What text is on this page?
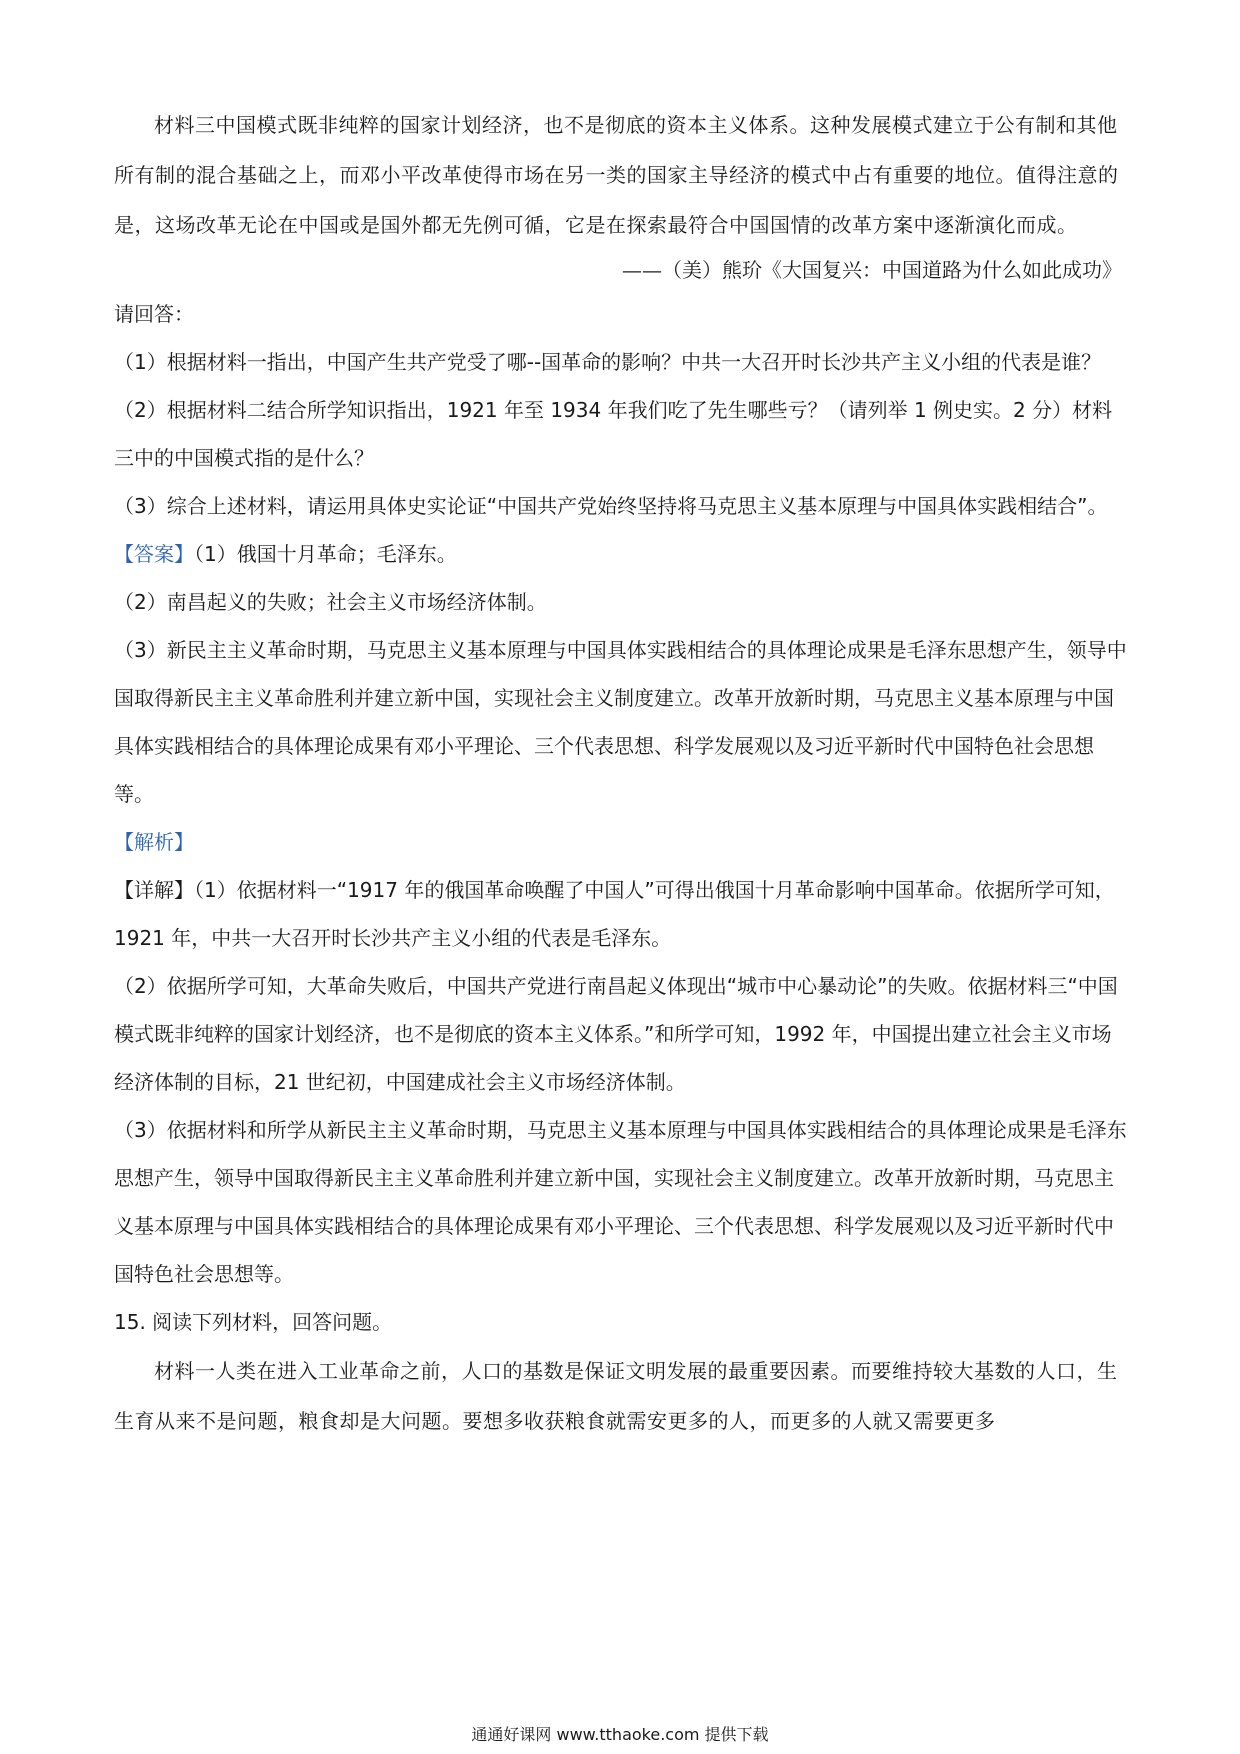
材料三中国模式既非纯粹的国家计划经济，也不是彻底的资本主义体系。这种发展模式建立于公有制和其他所有制的混合基础之上，而邓小平改革使得市场在另一类的国家主导经济的模式中占有重要的地位。值得注意的是，这场改革无论在中国或是国外都无先例可循，它是在探索最符合中国国情的改革方案中逐渐演化而成。

——（美）熊玠《大国复兴：中国道路为什么如此成功》

请回答：

（1）根据材料一指出，中国产生共产党受了哪--国革命的影响？中共一大召开时长沙共产主义小组的代表是谁？

（2）根据材料二结合所学知识指出，1921 年至 1934 年我们吃了先生哪些亏？（请列举 1 例史实。2 分）材料三中的中国模式指的是什么？

（3）综合上述材料，请运用具体史实论证“中国共产党始终坚持将马克思主义基本原理与中国具体实践相结合”。

【答案】（1）俄国十月革命；毛泽东。

（2）南昌起义的失败；社会主义市场经济体制。

（3）新民主主义革命时期，马克思主义基本原理与中国具体实践相结合的具体理论成果是毛泽东思想产生，领导中国取得新民主主义革命胜利并建立新中国，实现社会主义制度建立。改革开放新时期，马克思主义基本原理与中国具体实践相结合的具体理论成果有邓小平理论、三个代表思想、科学发展观以及习近平新时代中国特色社会思想等。

【解析】

【详解】（1）依据材料一“1917 年的俄国革命唤醒了中国人”可得出俄国十月革命影响中国革命。依据所学可知，1921 年，中共一大召开时长沙共产主义小组的代表是毛泽东。

（2）依据所学可知，大革命失败后，中国共产党进行南昌起义体现出“城市中心暴动论”的失败。依据材料三“中国模式既非纯粹的国家计划经济，也不是彻底的资本主义体系。”和所学可知，1992 年，中国提出建立社会主义市场经济体制的目标，21 世纪初，中国建成社会主义市场经济体制。

（3）依据材料和所学从新民主主义革命时期，马克思主义基本原理与中国具体实践相结合的具体理论成果是毛泽东思想产生，领导中国取得新民主主义革命胜利并建立新中国，实现社会主义制度建立。改革开放新时期，马克思主义基本原理与中国具体实践相结合的具体理论成果有邓小平理论、三个代表思想、科学发展观以及习近平新时代中国特色社会思想等。

15. 阅读下列材料，回答问题。

材料一人类在进入工业革命之前，人口的基数是保证文明发展的最重要因素。而要维持较大基数的人口，生生育从来不是问题，粮食却是大问题。要想多收获粮食就需安更多的人，而更多的人就又需要更多

通通好课网 www.tthaoke.com 提供下载
